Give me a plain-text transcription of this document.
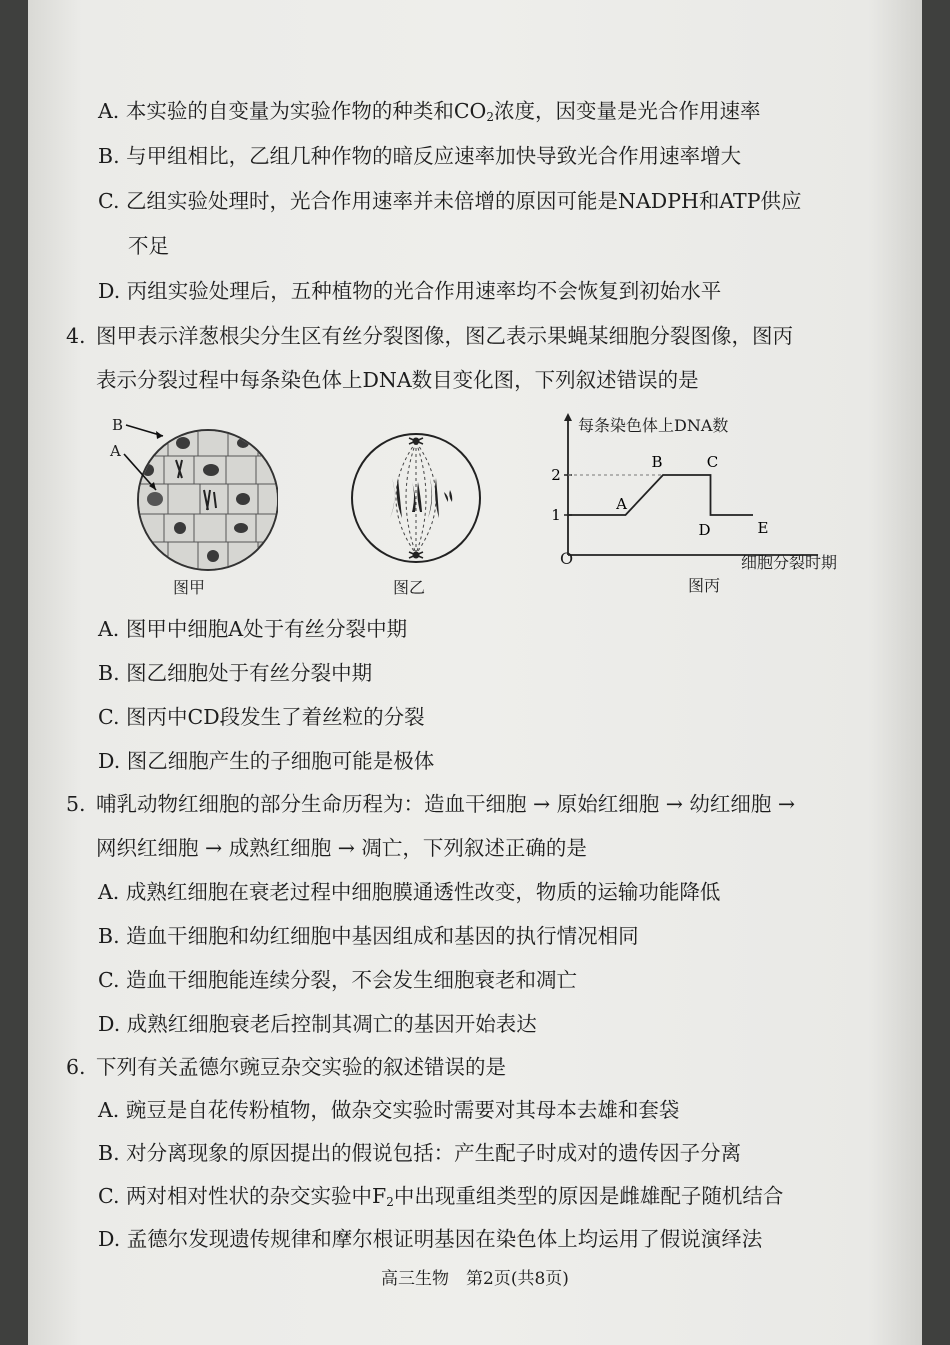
A. 本实验的自变量为实验作物的种类和$CO_2$浓度，因变量是光合作用速率
B. 与甲组相比，乙组几种作物的暗反应速率加快导致光合作用速率增大
C. 乙组实验处理时，光合作用速率并未倍增的原因可能是NADPH和ATP供应
不足
D. 丙组实验处理后，五种植物的光合作用速率均不会恢复到初始水平
4. 图甲表示洋葱根尖分生区有丝分裂图像，图乙表示果蝇某细胞分裂图像，图丙
表示分裂过程中每条染色体上DNA数目变化图，下列叙述错误的是
B
A
图甲	图乙
1
2
A
B	C
D	E
每条染色体上DNA数
细胞分裂时期
O
图丙
A. 图甲中细胞A处于有丝分裂中期
B. 图乙细胞处于有丝分裂中期
C. 图丙中CD段发生了着丝粒的分裂
D. 图乙细胞产生的子细胞可能是极体
5. 哺乳动物红细胞的部分生命历程为：造血干细胞 → 原始红细胞 → 幼红细胞 →
网织红细胞 → 成熟红细胞 → 凋亡，下列叙述正确的是
A. 成熟红细胞在衰老过程中细胞膜通透性改变，物质的运输功能降低
B. 造血干细胞和幼红细胞中基因组成和基因的执行情况相同
C. 造血干细胞能连续分裂，不会发生细胞衰老和凋亡
D. 成熟红细胞衰老后控制其凋亡的基因开始表达
6. 下列有关孟德尔豌豆杂交实验的叙述错误的是
A. 豌豆是自花传粉植物，做杂交实验时需要对其母本去雄和套袋
B. 对分离现象的原因提出的假说包括：产生配子时成对的遗传因子分离
C. 两对相对性状的杂交实验中$F_2$中出现重组类型的原因是雌雄配子随机结合
D. 孟德尔发现遗传规律和摩尔根证明基因在染色体上均运用了假说演绎法
高三生物　第2页(共8页)
